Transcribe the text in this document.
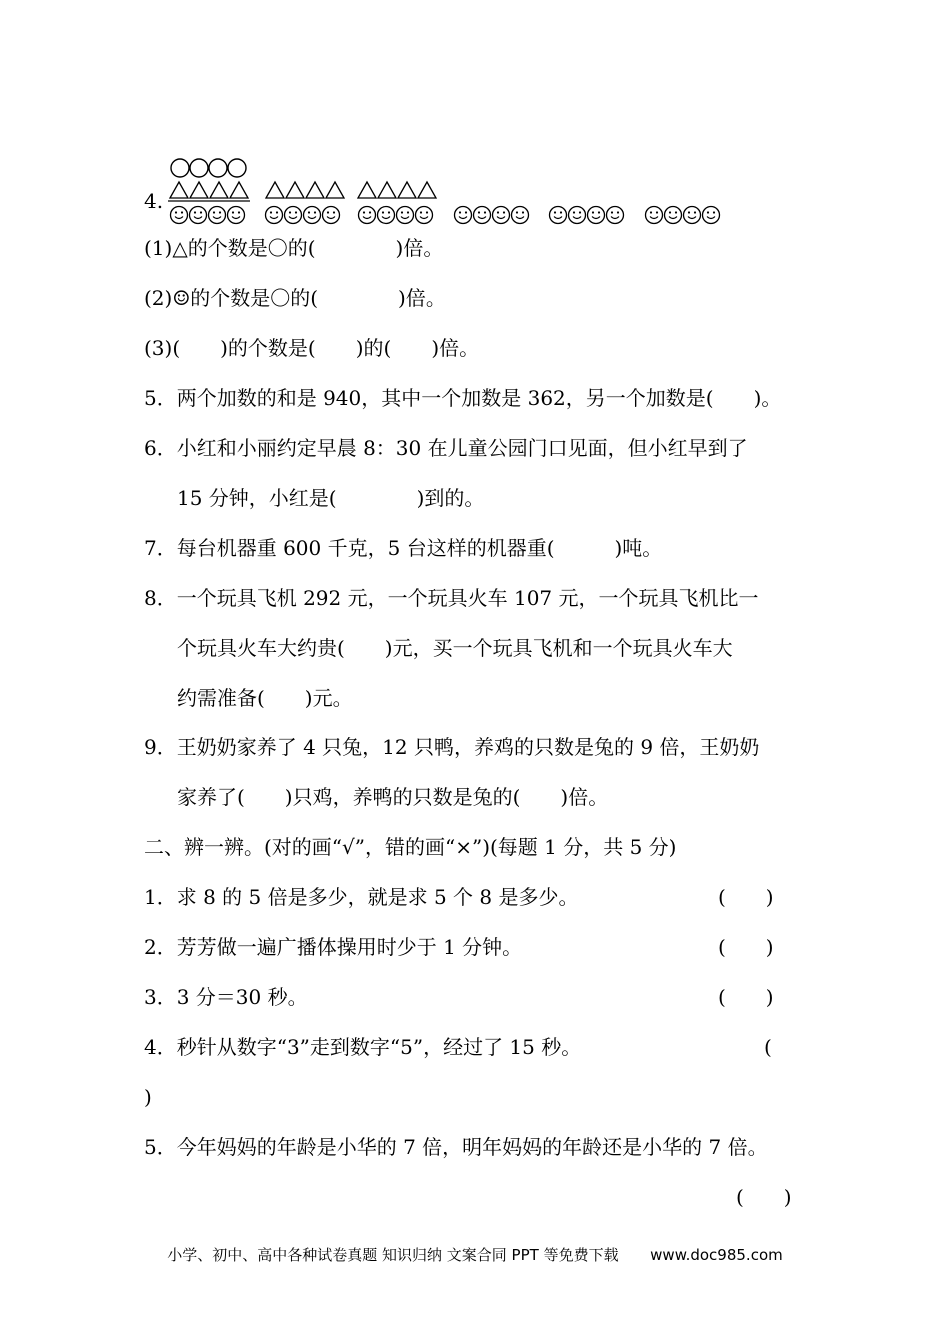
4.
(1)△的个数是〇的(　　　　)倍。
(2)☺的个数是〇的(　　　　)倍。
(3)(　　)的个数是(　　)的(　　)倍。
5．两个加数的和是 940，其中一个加数是 362，另一个加数是(　　)。
6．小红和小丽约定早晨 8：30 在儿童公园门口见面，但小红早到了
15 分钟，小红是(　　　　)到的。
7．每台机器重 600 千克，5 台这样的机器重(　　　)吨。
8．一个玩具飞机 292 元，一个玩具火车 107 元，一个玩具飞机比一
个玩具火车大约贵(　　)元，买一个玩具飞机和一个玩具火车大
约需准备(　　)元。
9．王奶奶家养了 4 只兔，12 只鸭，养鸡的只数是兔的 9 倍，王奶奶
家养了(　　)只鸡，养鸭的只数是兔的(　　)倍。
二、辨一辨。(对的画“√”，错的画“×”)(每题 1 分，共 5 分)
1．求 8 的 5 倍是多少，就是求 5 个 8 是多少。	(　　)
2．芳芳做一遍广播体操用时少于 1 分钟。	(　　)
3．3 分＝30 秒。	(　　)
4．秒针从数字“3”走到数字“5”，经过了 15 秒。	(
)
5．今年妈妈的年龄是小华的 7 倍，明年妈妈的年龄还是小华的 7 倍。
(　　)
小学、初中、高中各种试卷真题 知识归纳 文案合同 PPT 等免费下载 www.doc985.com
